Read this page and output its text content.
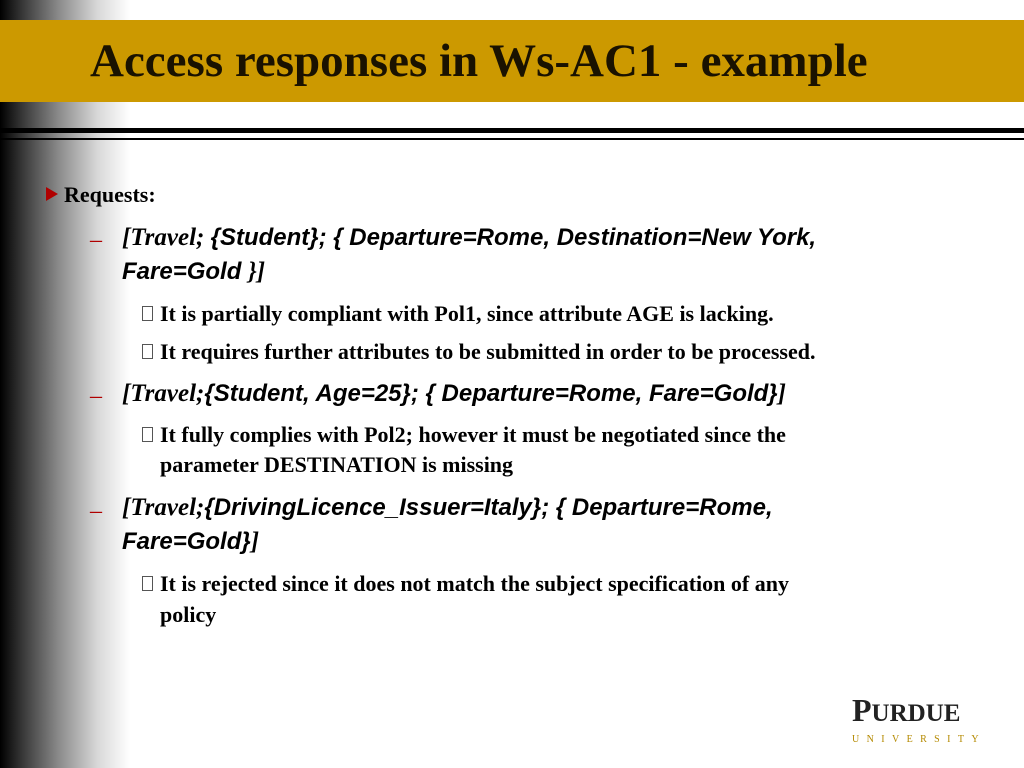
Access responses in Ws-AC1 - example
Requests:
– [Travel; {Student}; { Departure=Rome, Destination=New York,
Fare=Gold }]
It is partially compliant with Pol1, since attribute AGE is lacking.
It requires further attributes to be submitted in order to be processed.
– [Travel;{Student, Age=25}; { Departure=Rome, Fare=Gold}]
It fully complies with Pol2; however it must be negotiated since the
parameter DESTINATION is missing
– [Travel;{DrivingLicence_Issuer=Italy}; { Departure=Rome,
Fare=Gold}]
It is rejected since it does not match the subject specification of any
policy
PURDUE
UNIVERSITY
